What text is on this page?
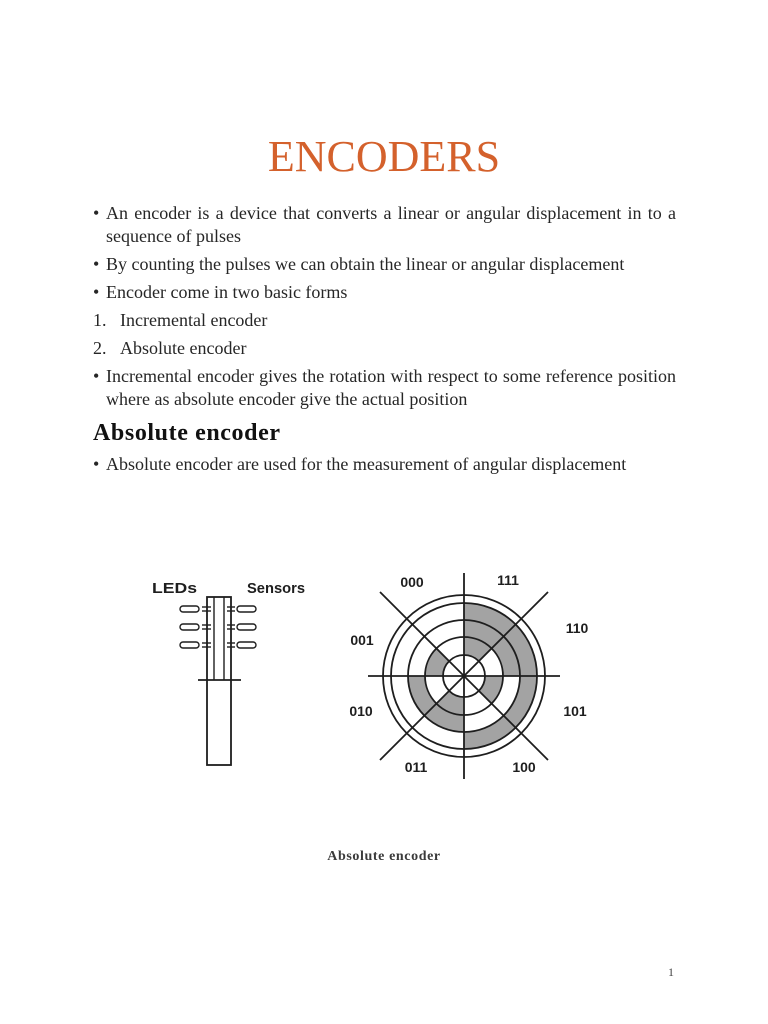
ENCODERS
• An encoder is a device that converts a linear or angular displacement in to a sequence of pulses
• By counting the pulses we can obtain the linear or angular displacement
• Encoder come in two basic forms
1. Incremental encoder
2. Absolute encoder
• Incremental encoder gives the rotation with respect to some reference position where as absolute encoder give the actual position
Absolute encoder
• Absolute encoder are used for the measurement of angular displacement
LEDs	Sensors	111
110
101
100
011
010
001
000
Absolute encoder
1
